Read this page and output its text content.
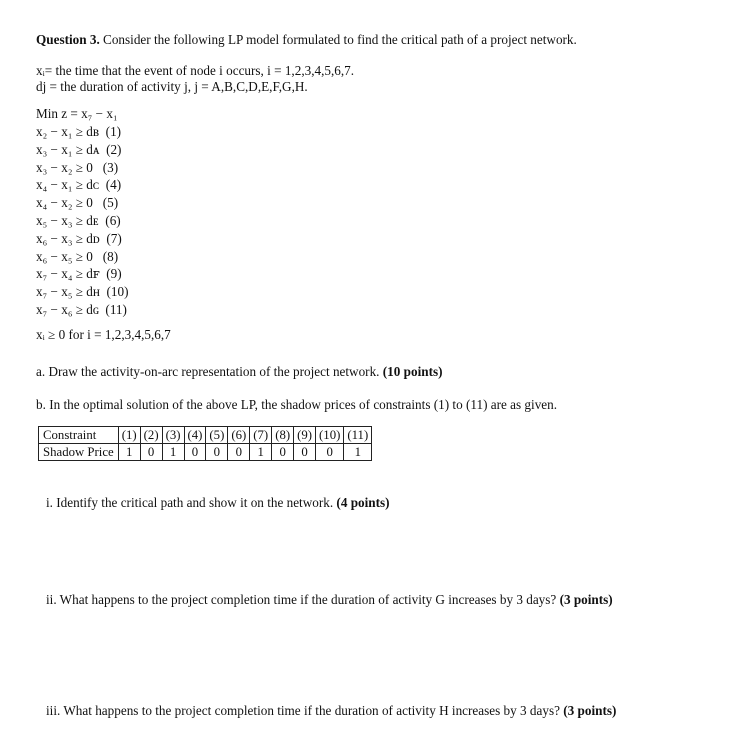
Question 3. Consider the following LP model formulated to find the critical path of a project network.
xᵢ= the time that the event of node i occurs, i = 1,2,3,4,5,6,7.
dj = the duration of activity j, j = A,B,C,D,E,F,G,H.
Min z = x₇ − x₁
x₂ − x₁ ≥ dʙ (1)
x₃ − x₁ ≥ dᴀ (2)
x₃ − x₂ ≥ 0 (3)
x₄ − x₁ ≥ dᴄ (4)
x₄ − x₂ ≥ 0 (5)
x₅ − x₃ ≥ dᴇ (6)
x₆ − x₃ ≥ dᴅ (7)
x₆ − x₅ ≥ 0 (8)
x₇ − x₄ ≥ dꜰ (9)
x₇ − x₅ ≥ dʜ (10)
x₇ − x₆ ≥ dɢ (11)
xᵢ ≥ 0 for i = 1,2,3,4,5,6,7
a. Draw the activity-on-arc representation of the project network. (10 points)
b. In the optimal solution of the above LP, the shadow prices of constraints (1) to (11) are as given.
Constraint	(1)	(2)	(3)	(4)	(5)	(6)	(7)	(8)	(9)	(10)	(11)
Shadow Price	1	0	1	0	0	0	1	0	0	0	1
i. Identify the critical path and show it on the network. (4 points)
ii. What happens to the project completion time if the duration of activity G increases by 3 days? (3 points)
iii. What happens to the project completion time if the duration of activity H increases by 3 days? (3 points)
